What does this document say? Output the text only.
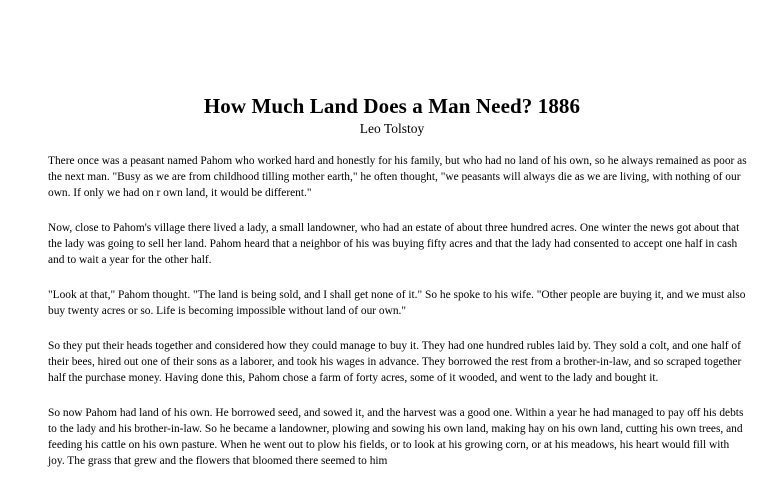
How Much Land Does a Man Need? 1886
Leo Tolstoy

There once was a peasant named Pahom who worked hard and honestly for his family, but who had no land of his own, so he always remained as poor as the next man. "Busy as we are from childhood tilling mother earth," he often thought, "we peasants will always die as we are living, with nothing of our own. If only we had on r own land, it would be different."

Now, close to Pahom's village there lived a lady, a small landowner, who had an estate of about three hundred acres. One winter the news got about that the lady was going to sell her land. Pahom heard that a neighbor of his was buying fifty acres and that the lady had consented to accept one half in cash and to wait a year for the other half.

"Look at that," Pahom thought. "The land is being sold, and I shall get none of it." So he spoke to his wife. "Other people are buying it, and we must also buy twenty acres or so. Life is becoming impossible without land of our own."

So they put their heads together and considered how they could manage to buy it. They had one hundred rubles laid by. They sold a colt, and one half of their bees, hired out one of their sons as a laborer, and took his wages in advance. They borrowed the rest from a brother-in-law, and so scraped together half the purchase money. Having done this, Pahom chose a farm of forty acres, some of it wooded, and went to the lady and bought it.

So now Pahom had land of his own. He borrowed seed, and sowed it, and the harvest was a good one. Within a year he had managed to pay off his debts to the lady and his brother-in-law. So he became a landowner, plowing and sowing his own land, making hay on his own land, cutting his own trees, and feeding his cattle on his own pasture. When he went out to plow his fields, or to look at his growing corn, or at his meadows, his heart would fill with joy. The grass that grew and the flowers that bloomed there seemed to him
